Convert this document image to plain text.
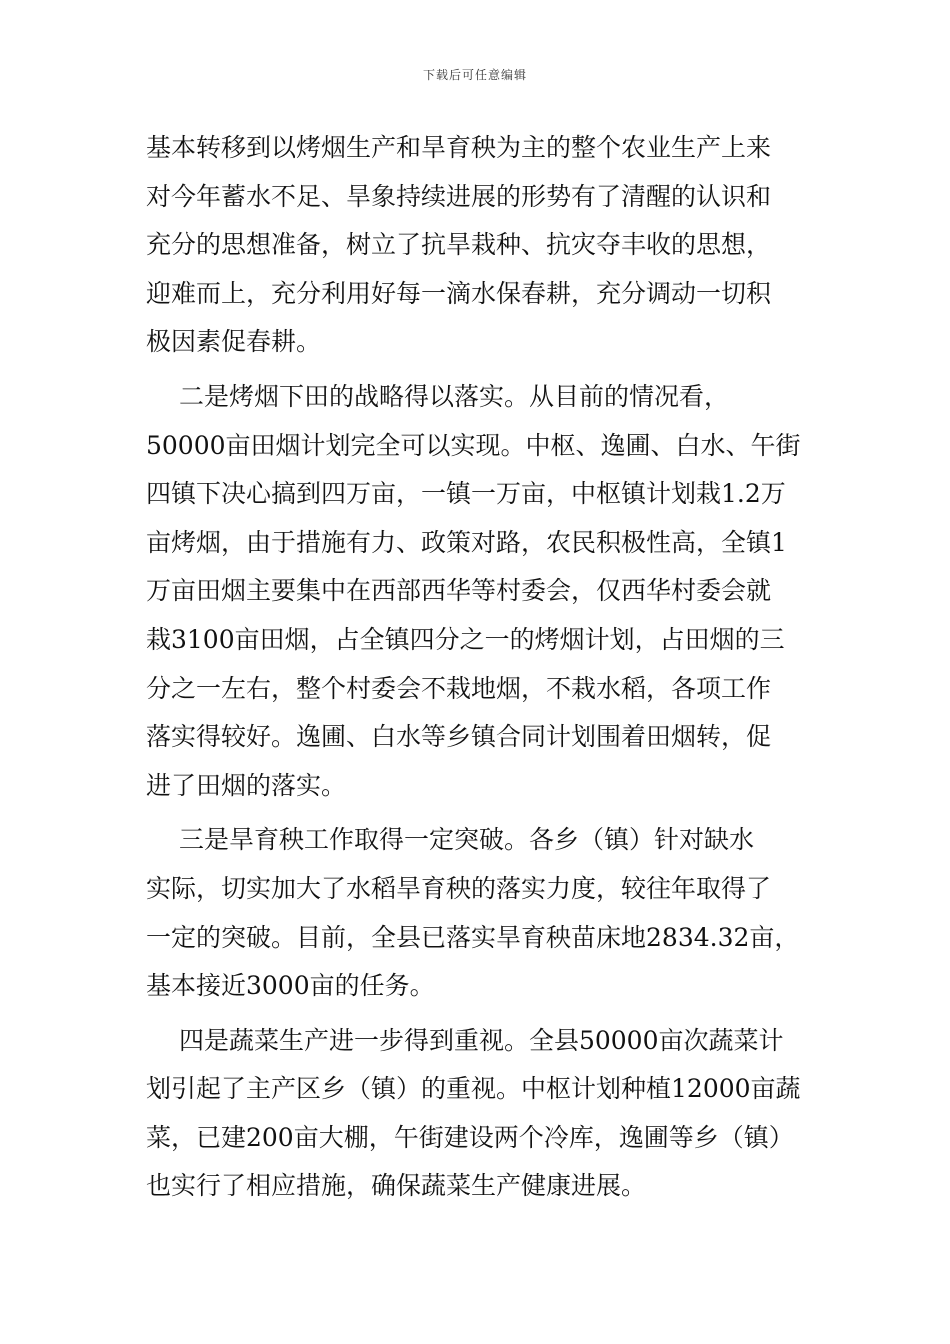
下载后可任意编辑
基本转移到以烤烟生产和旱育秧为主的整个农业生产上来
对今年蓄水不足、旱象持续进展的形势有了清醒的认识和
充分的思想准备，树立了抗旱栽种、抗灾夺丰收的思想，
迎难而上，充分利用好每一滴水保春耕，充分调动一切积
极因素促春耕。
　 二是烤烟下田的战略得以落实。从目前的情况看，
50000亩田烟计划完全可以实现。中枢、逸圃、白水、午街
四镇下决心搞到四万亩，一镇一万亩，中枢镇计划栽1.2万
亩烤烟，由于措施有力、政策对路，农民积极性高，全镇1
万亩田烟主要集中在西部西华等村委会，仅西华村委会就
栽3100亩田烟，占全镇四分之一的烤烟计划，占田烟的三
分之一左右，整个村委会不栽地烟，不栽水稻，各项工作
落实得较好。逸圃、白水等乡镇合同计划围着田烟转，促
进了田烟的落实。
　 三是旱育秧工作取得一定突破。各乡（镇）针对缺水
实际，切实加大了水稻旱育秧的落实力度，较往年取得了
一定的突破。目前，全县已落实旱育秧苗床地2834.32亩，
基本接近3000亩的任务。
　 四是蔬菜生产进一步得到重视。全县50000亩次蔬菜计
划引起了主产区乡（镇）的重视。中枢计划种植12000亩蔬
菜，已建200亩大棚，午街建设两个冷库，逸圃等乡（镇）
也实行了相应措施，确保蔬菜生产健康进展。
